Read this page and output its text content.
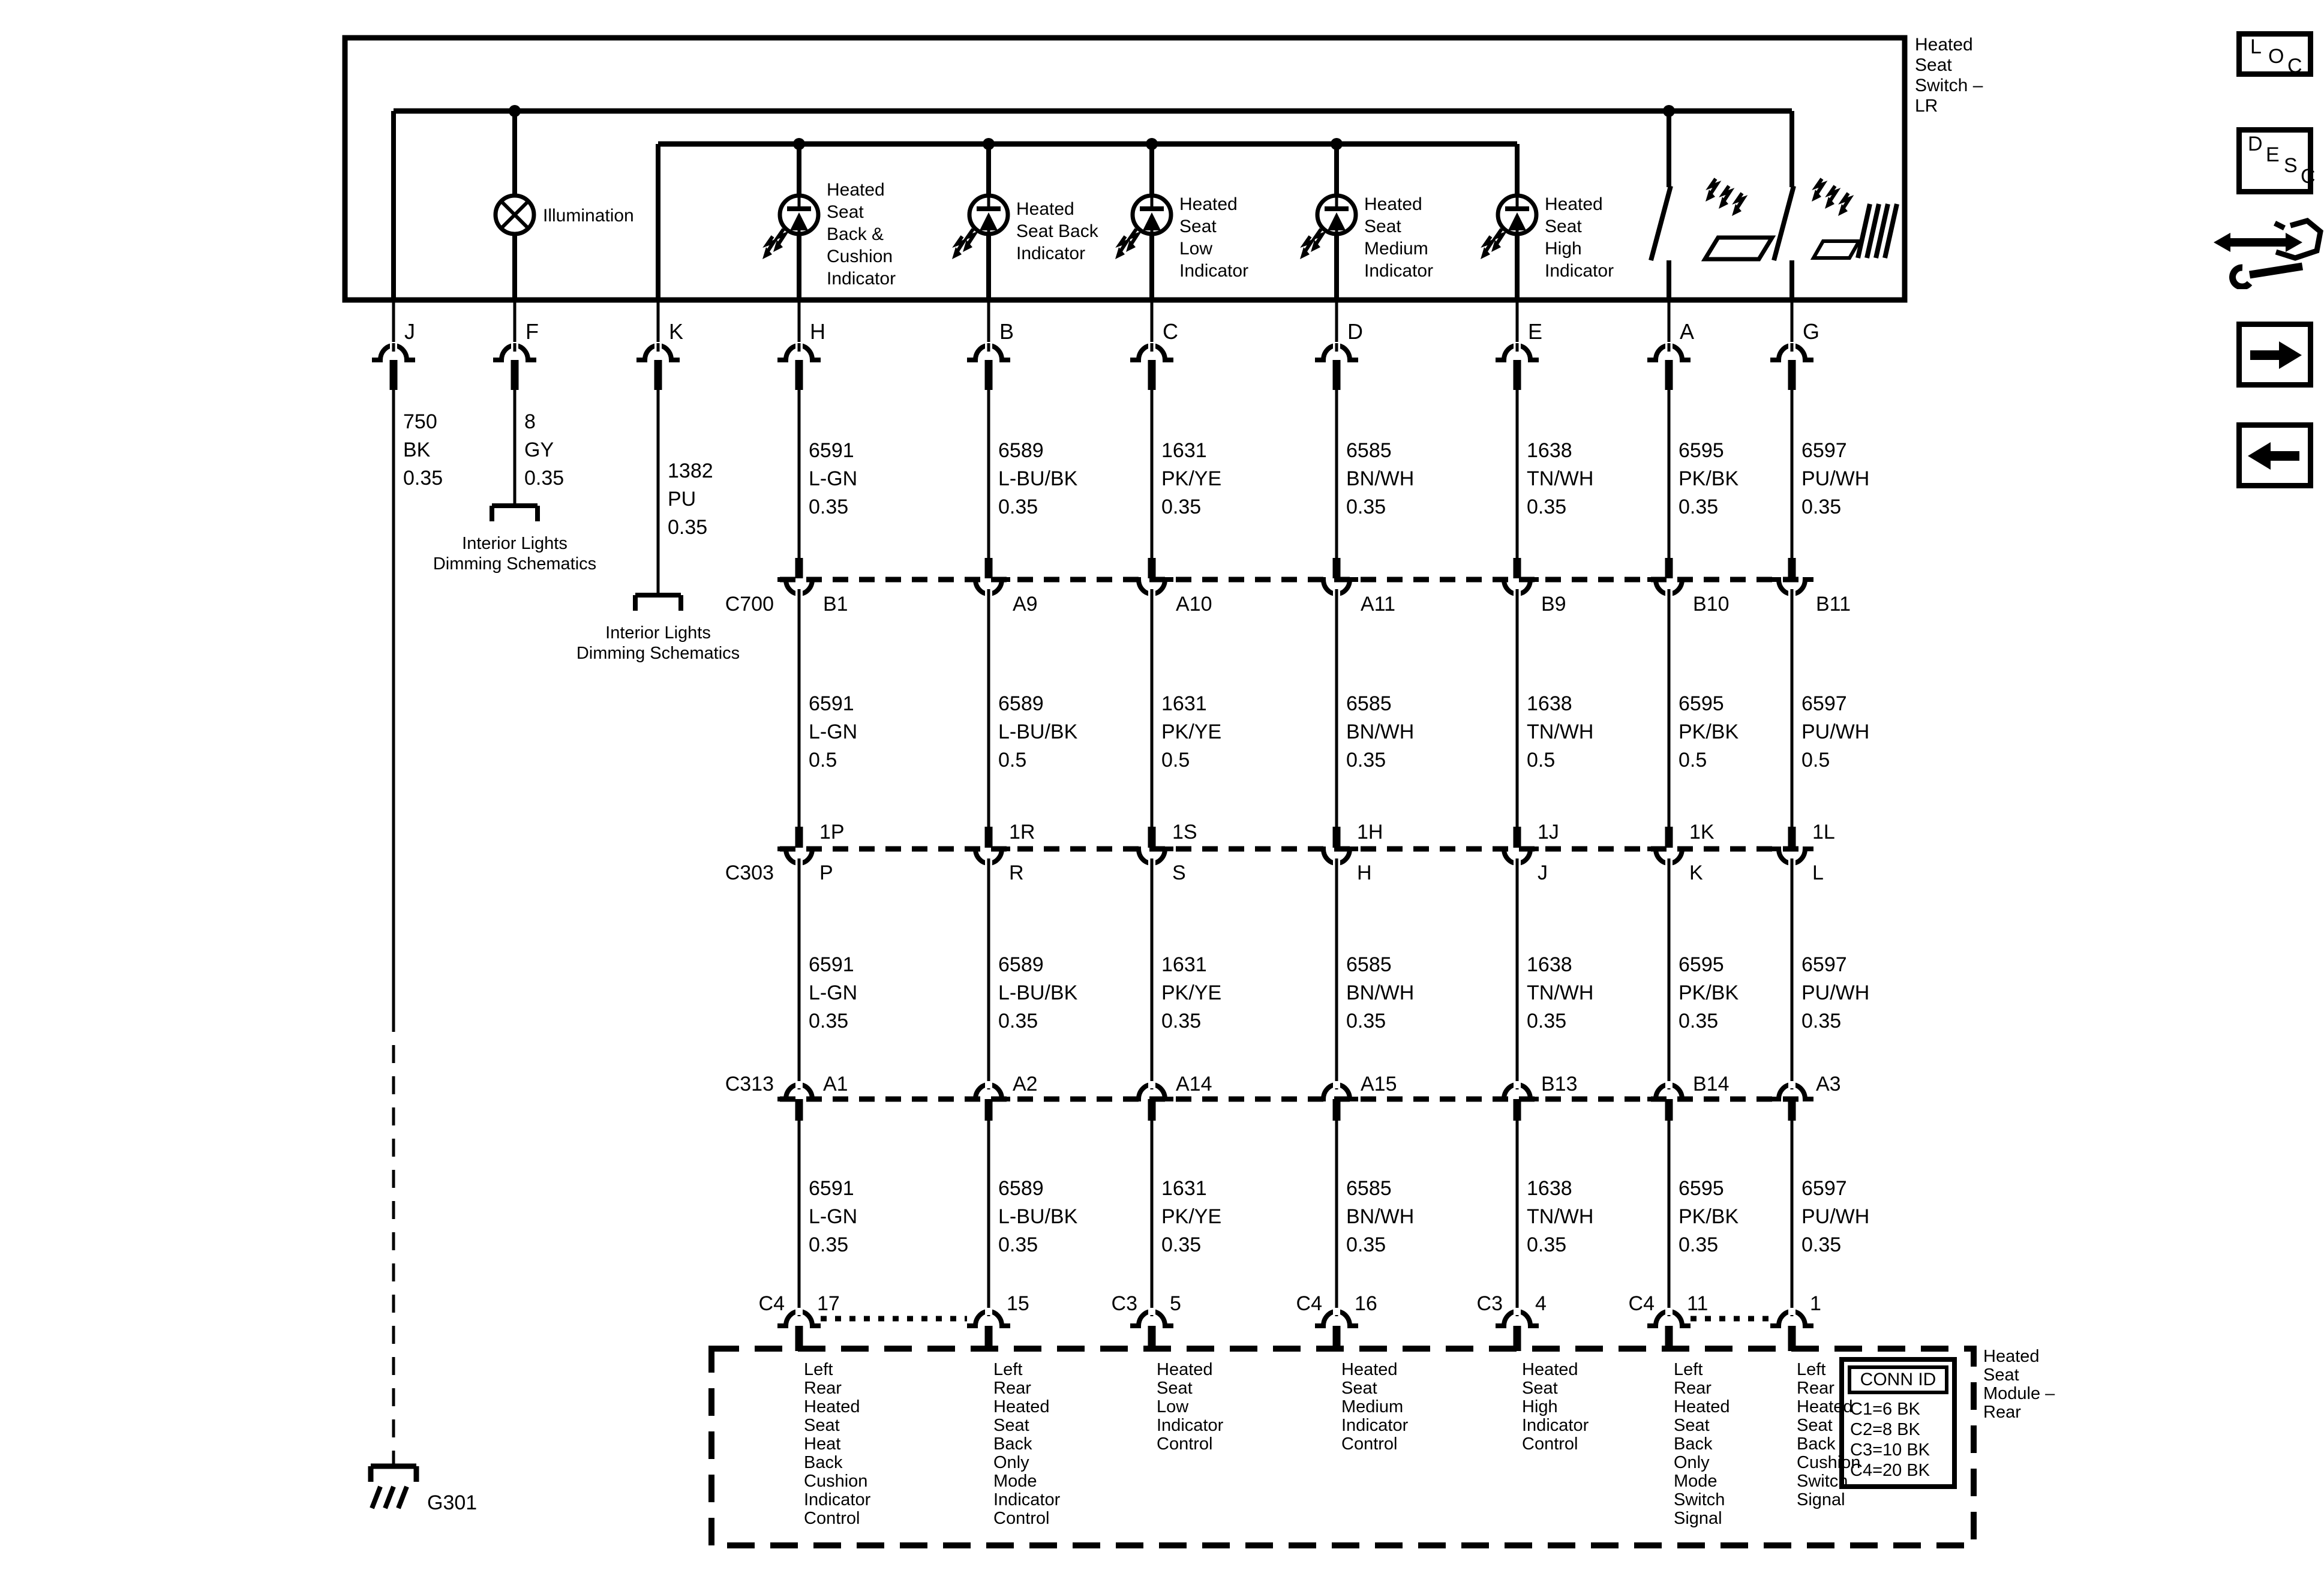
Heated
Seat
Switch –
LR
L O C
D E S C
C700
C303
C313
G301
Heated
Seat
Module –
Rear
CONN ID
C1=6 BK
C2=8 BK
C3=10 BK
C4=20 BK
J
750
BK
0.35
Illumination
F
8
GY
0.35
Interior Lights
Dimming Schematics
K
1382
PU
0.35
Interior Lights
Dimming Schematics
Heated
Seat
Back &
Cushion
Indicator
H
6591
L-GN
0.35
B1
6591
L-GN
0.5
1P
P
6591
L-GN
0.35
A1
6591
L-GN
0.35
C4 17
Left
Rear
Heated
Seat
Heat
Back
Cushion
Indicator
Control
Heated
Seat Back
Indicator
B
6589
L-BU/BK
0.35
A9
6589
L-BU/BK
0.5
1R
R
6589
L-BU/BK
0.35
A2
6589
L-BU/BK
0.35
15
Left
Rear
Heated
Seat
Back
Only
Mode
Indicator
Control
Heated
Seat
Low
Indicator
C
1631
PK/YE
0.35
A10
1631
PK/YE
0.5
1S
S
1631
PK/YE
0.35
A14
1631
PK/YE
0.35
C3 5
Heated
Seat
Low
Indicator
Control
Heated
Seat
Medium
Indicator
D
6585
BN/WH
0.35
A11
6585
BN/WH
0.35
1H
H
6585
BN/WH
0.35
A15
6585
BN/WH
0.35
C4 16
Heated
Seat
Medium
Indicator
Control
Heated
Seat
High
Indicator
E
1638
TN/WH
0.35
B9
1638
TN/WH
0.5
1J
J
1638
TN/WH
0.35
B13
1638
TN/WH
0.35
C3 4
Heated
Seat
High
Indicator
Control
A
6595
PK/BK
0.35
B10
6595
PK/BK
0.5
1K
K
6595
PK/BK
0.35
B14
6595
PK/BK
0.35
C4 11
Left
Rear
Heated
Seat
Back
Only
Mode
Switch
Signal
G
6597
PU/WH
0.35
B11
6597
PU/WH
0.5
1L
L
6597
PU/WH
0.35
A3
6597
PU/WH
0.35
1
Left
Rear
Heated
Seat
Back
Cushion
Switch
Signal
